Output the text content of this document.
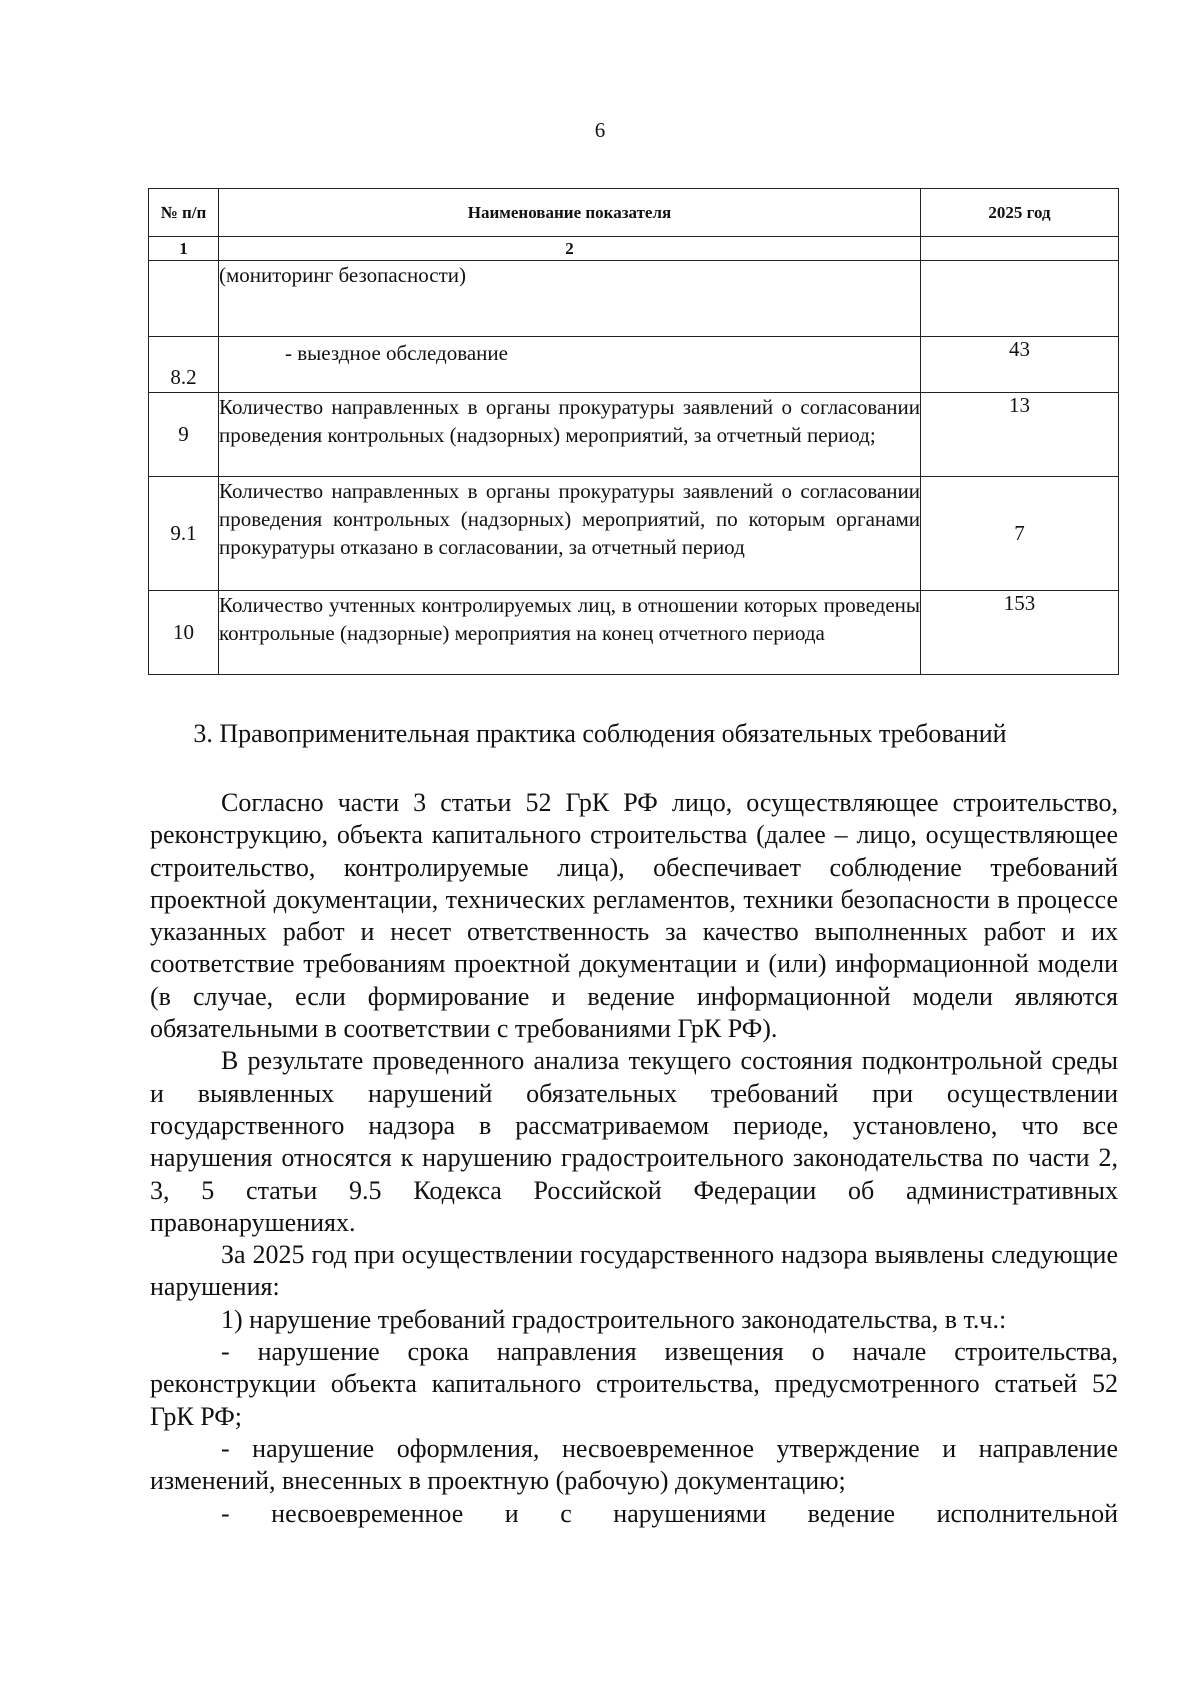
6
№ п/п	Наименование показателя	2025 год
1	2	
	(мониторинг безопасности)	
8.2	- выездное обследование	43
9	Количество направленных в органы прокуратуры заявлений о согласовании проведения контрольных (надзорных) мероприятий, за отчетный период;	13
9.1	Количество направленных в органы прокуратуры заявлений о согласовании проведения контрольных (надзорных) мероприятий, по которым органами прокуратуры отказано в согласовании, за отчетный период	7
10	Количество учтенных контролируемых лиц, в отношении которых проведены контрольные (надзорные) мероприятия на конец отчетного периода	153
3. Правоприменительная практика соблюдения обязательных требований

Согласно части 3 статьи 52 ГрК РФ лицо, осуществляющее строительство, реконструкцию, объекта капитального строительства (далее – лицо, осуществляющее строительство, контролируемые лица), обеспечивает соблюдение требований проектной документации, технических регламентов, техники безопасности в процессе указанных работ и несет ответственность за качество выполненных работ и их соответствие требованиям проектной документации и (или) информационной модели (в случае, если формирование и ведение информационной модели являются обязательными в соответствии с требованиями ГрК РФ).

В результате проведенного анализа текущего состояния подконтрольной среды и выявленных нарушений обязательных требований при осуществлении государственного надзора в рассматриваемом периоде, установлено, что все нарушения относятся к нарушению градостроительного законодательства по части 2, 3, 5 статьи 9.5 Кодекса Российской Федерации об административных правонарушениях.

За 2025 год при осуществлении государственного надзора выявлены следующие нарушения:

1) нарушение требований градостроительного законодательства, в т.ч.:

- нарушение срока направления извещения о начале строительства, реконструкции объекта капитального строительства, предусмотренного статьей 52 ГрК РФ;

- нарушение оформления, несвоевременное утверждение и направление изменений, внесенных в проектную (рабочую) документацию;

- несвоевременное и с нарушениями ведение исполнительной
